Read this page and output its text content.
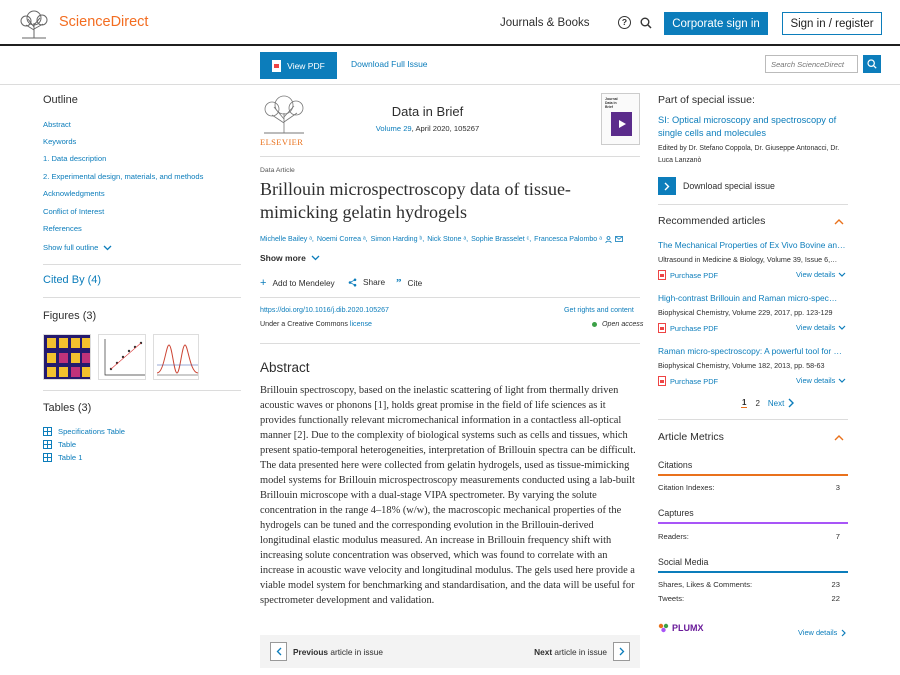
ScienceDirect	Journals & Books	?	Corporate sign in	Sign in / register
View PDF	Download Full Issue
Search ScienceDirect
Outline
Abstract
Keywords
1. Data description
2. Experimental design, materials, and methods
Acknowledgments
Conflict of Interest
References
Show full outline
Cited By (4)
Figures (3)
Tables (3)
Specifications Table
Table
Table 1
ELSEVIER
Data in Brief
Volume 29, April 2020, 105267
Journal Data in Brief
Data Article
Brillouin microspectroscopy data of tissue-mimicking gelatin hydrogels
Michelle Bailey ᵃ, Noemi Correa ᵃ, Simon Harding ᵇ, Nick Stone ᵃ, Sophie Brasselet ᶜ, Francesca Palombo ᵃ
Show more
+ Add to Mendeley	Share ” Cite
https://doi.org/10.1016/j.dib.2020.105267	Get rights and content
Under a Creative Commons license	Open access
Abstract

Brillouin spectroscopy, based on the inelastic scattering of light from thermally driven acoustic waves or phonons [1], holds great promise in the field of life sciences as it provides functionally relevant micromechanical information in a contactless all-optical manner [2]. Due to the complexity of biological systems such as cells and tissues, which present spatio-temporal heterogeneities, interpretation of Brillouin spectra can be difficult. The data presented here were collected from gelatin hydrogels, used as tissue-mimicking model systems for Brillouin microspectroscopy measurements conducted using a lab-built Brillouin microscope with a dual-stage VIPA spectrometer. By varying the solute concentration in the range 4–18% (w/w), the macroscopic mechanical properties of the hydrogels can be tuned and the corresponding evolution in the Brillouin-derived longitudinal elastic modulus measured. An increase in Brillouin frequency shift with increasing solute concentration was observed, which was found to correlate with an increase in acoustic wave velocity and longitudinal modulus. The gels used here provide a viable model system for benchmarking and standardisation, and the data will be useful for spectrometer development and validation.

Previous article in issue	Next article in issue
Part of special issue:
SI: Optical microscopy and spectroscopy of single cells and molecules
Edited by Dr. Stefano Coppola, Dr. Giuseppe Antonacci, Dr. Luca Lanzanò
Download special issue
Recommended articles
The Mechanical Properties of Ex Vivo Bovine an…
Ultrasound in Medicine & Biology, Volume 39, Issue 6,…
Purchase PDF	View details
High-contrast Brillouin and Raman micro-spec…
Biophysical Chemistry, Volume 229, 2017, pp. 123-129
Purchase PDF	View details
Raman micro-spectroscopy: A powerful tool for …
Biophysical Chemistry, Volume 182, 2013, pp. 58-63
Purchase PDF	View details
1 2 Next
Article Metrics
Citations
Citation Indexes:	3
Captures
Readers:	7
Social Media
Shares, Likes & Comments:	23
Tweets:	22
PLUMX	View details
